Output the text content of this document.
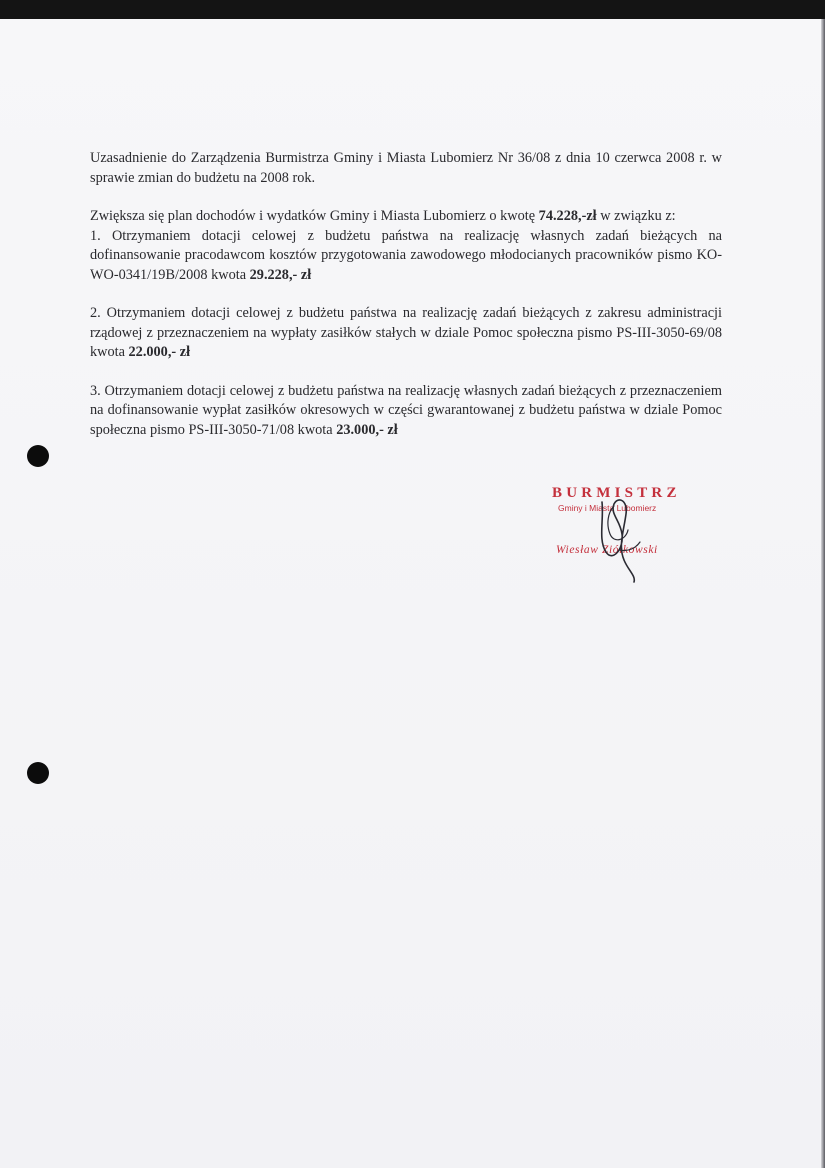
Uzasadnienie do Zarządzenia Burmistrza Gminy i Miasta Lubomierz Nr 36/08 z dnia 10 czerwca 2008 r. w sprawie zmian do budżetu na 2008 rok.

Zwiększa się plan dochodów i wydatków Gminy i Miasta Lubomierz o kwotę 74.228,-zł w związku z:

1. Otrzymaniem dotacji celowej z budżetu państwa na realizację własnych zadań bieżących na dofinansowanie pracodawcom kosztów przygotowania zawodowego młodocianych pracowników pismo KO-WO-0341/19B/2008 kwota 29.228,- zł

2. Otrzymaniem dotacji celowej z budżetu państwa na realizację zadań bieżących z zakresu administracji rządowej z przeznaczeniem na wypłaty zasiłków stałych w dziale Pomoc społeczna pismo PS-III-3050-69/08 kwota 22.000,- zł

3. Otrzymaniem dotacji celowej z budżetu państwa na realizację własnych zadań bieżących z przeznaczeniem na dofinansowanie wypłat zasiłków okresowych w części gwarantowanej z budżetu państwa w dziale Pomoc społeczna pismo PS-III-3050-71/08 kwota 23.000,- zł

BURMISTRZ
Gminy i Miasta Lubomierz
Wiesław Ziółkowski
